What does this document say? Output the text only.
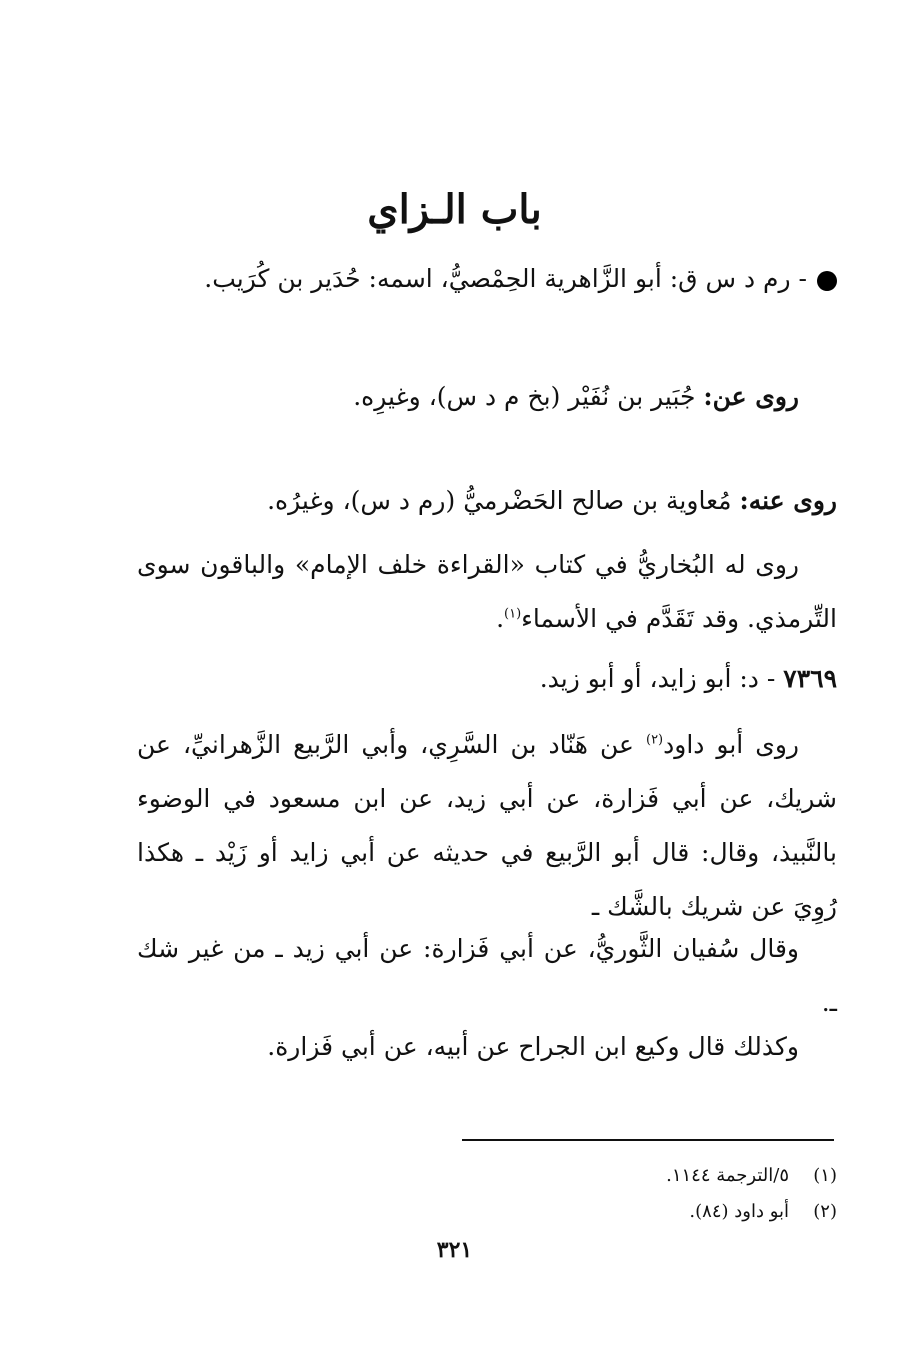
باب الـزاي
- رم د س ق: أبو الزَّاهرية الحِمْصيُّ، اسمه: حُدَير بن كُرَيب.
روى عن: جُبَير بن نُفَيْر (بخ م د س)، وغيرِه.
روى عنه: مُعاوية بن صالح الحَضْرميُّ (رم د س)، وغيرُه.
روى له البُخاريُّ في كتاب «القراءة خلف الإمام» والباقون سوى التِّرمذي. وقد تَقَدَّم في الأسماء$^{(١)}$.
٧٣٦٩ - د: أبو زايد، أو أبو زيد.
روى أبو داود$^{(٢)}$ عن هَنّاد بن السَّرِي، وأبي الرَّبيع الزَّهرانيِّ، عن شريك، عن أبي فَزارة، عن أبي زيد، عن ابن مسعود في الوضوء بالنَّبيذ، وقال: قال أبو الرَّبيع في حديثه عن أبي زايد أو زَيْد ـ هكذا رُوِيَ عن شريك بالشَّك ـ
وقال سُفيان الثَّوريُّ، عن أبي فَزارة: عن أبي زيد ـ من غير شك ـ.
وكذلك قال وكيع ابن الجراح عن أبيه، عن أبي فَزارة.
(١)٥/الترجمة ١١٤٤.
(٢)أبو داود (٨٤).
٣٢١
